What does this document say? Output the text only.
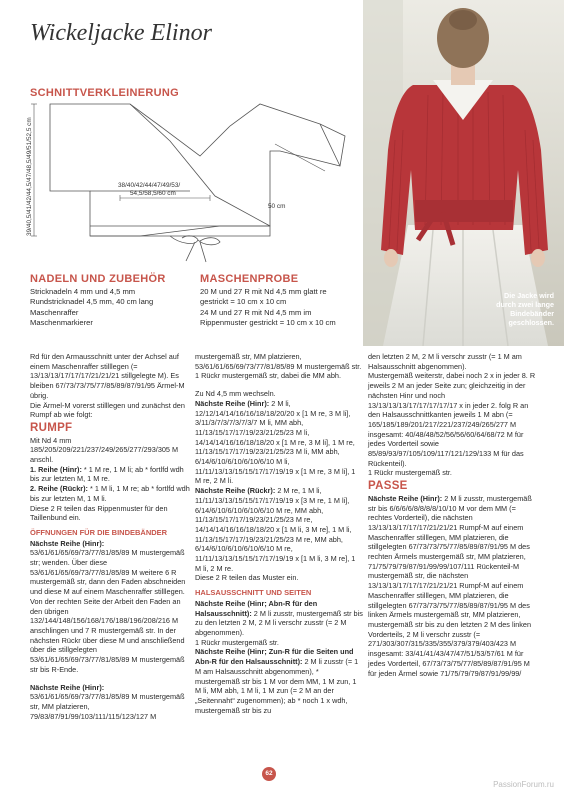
Wickeljacke Elinor
SCHNITTVERKLEINERUNG
39/40,5/41/42/44,5/47/48,5/49/51/52,5 cm	38/40/42/44/47/49/53/
54,5/58,5/60 cm
50 cm
NADELN UND ZUBEHÖR
Stricknadeln 4 mm und 4,5 mm
Rundstricknadel 4,5 mm, 40 cm lang
Maschenraffer
Maschenmarkierer
MASCHENPROBE
20 M und 27 R mit Nd 4,5 mm glatt re
gestrickt = 10 cm x 10 cm
24 M und 27 R mit Nd 4,5 mm im
Rippenmuster gestrickt = 10 cm x 10 cm
Die Jacke wird
durch zwei lange
Bindebänder
geschlossen.

Rd für den Armausschnitt unter der Achsel auf einem Maschenraffer stilllegen (= 13/13/13/17/17/17/21/21/21 stillgelegte M). Es bleiben 67/73/73/75/77/85/89/87/91/95 Ärmel-M übrig.

Die Ärmel-M vorerst stilllegen und zunächst den Rumpf ab wie folgt:

RUMPF

Mit Nd 4 mm 185/205/209/221/237/249/265/277/293/305 M anschl.

1. Reihe (Hinr): * 1 M re, 1 M li; ab * fortlfd wdh bis zur letzten M, 1 M re.

2. Reihe (Rückr): * 1 M li, 1 M re; ab * fortlfd wdh bis zur letzten M, 1 M li.

Diese 2 R teilen das Rippenmuster für den Taillenbund ein.

ÖFFNUNGEN FÜR DIE BINDEBÄNDER

Nächste Reihe (Hinr): 53/61/61/65/69/73/77/81/85/89 M mustergemäß str; wenden. Über diese 53/61/61/65/69/73/77/81/85/89 M weitere 6 R mustergemäß str, dann den Faden abschneiden und diese M auf einem Maschenraffer stilllegen.

Von der rechten Seite der Arbeit den Faden an den übrigen 132/144/148/156/168/176/188/196/208/216 M anschlingen und 7 R mustergemäß str. In der nächsten Rückr über diese M und anschließend über die stillgelegten 53/61/61/65/69/73/77/81/85/89 M mustergemäß str bis R-Ende.

Nächste Reihe (Hinr): 53/61/61/65/69/73/77/81/85/89 M mustergemäß str, MM platzieren, 79/83/87/91/99/103/111/115/123/127 M

mustergemäß str, MM platzieren, 53/61/61/65/69/73/77/81/85/89 M mustergemäß str.

1 Rückr mustergemäß str, dabei die MM abh.

Zu Nd 4,5 mm wechseln.

Nächste Reihe (Hinr): 2 M li, 12/12/14/14/16/16/18/18/20/20 x [1 M re, 3 M li], 3/11/3/7/3/7/3/7/3/7 M li, MM abh, 11/13/15/17/17/19/23/21/25/23 M li, 14/14/14/16/16/18/18/20 x [1 M re, 3 M li], 1 M re, 11/13/15/17/17/19/23/21/25/23 M li, MM abh, 6/14/6/10/6/10/6/10/6/10 M li, 11/11/13/13/15/15/17/17/19/19 x [1 M re, 3 M li], 1 M re, 2 M li.

Nächste Reihe (Rückr): 2 M re, 1 M li, 11/11/13/13/15/15/17/17/19/19 x [3 M re, 1 M li], 6/14/6/10/6/10/6/10/6/10 M re, MM abh, 11/13/15/17/17/19/23/21/25/23 M re, 14/14/14/16/16/18/18/20 x [1 M li, 3 M re], 1 M li, 11/13/15/17/17/19/23/21/25/23 M re, MM abh, 6/14/6/10/6/10/6/10/6/10 M re, 11/11/13/13/15/15/17/17/19/19 x [1 M li, 3 M re], 1 M li, 2 M re.

Diese 2 R teilen das Muster ein.

HALSAUSSCHNITT UND SEITEN

Nächste Reihe (Hinr; Abn-R für den Halsausschnitt): 2 M li zusstr, mustergemäß str bis zu den letzten 2 M, 2 M li verschr zusstr (= 2 M abgenommen).

1 Rückr mustergemäß str.

Nächste Reihe (Hinr; Zun-R für die Seiten und Abn-R für den Halsausschnitt): 2 M li zusstr (= 1 M am Halsausschnitt abgenommen), * mustergemäß str bis 1 M vor dem MM, 1 M zun, 1 M li, MM abh, 1 M li, 1 M zun (= 2 M an der „Seitennaht“ zugenommen); ab * noch 1 x wdh, mustergemäß str bis zu

den letzten 2 M, 2 M li verschr zusstr (= 1 M am Halsausschnitt abgenommen).

Mustergemäß weiterstr, dabei noch 2 x in jeder 8. R jeweils 2 M an jeder Seite zun; gleichzeitig in der nächsten Hinr und noch 13/13/13/13/17/17/17/17/17 x in jeder 2. folg R an den Halsausschnittkanten jeweils 1 M abn (= 165/185/189/201/217/221/237/249/265/277 M insgesamt: 40/48/48/52/56/56/60/64/68/72 M für jedes Vorderteil sowie 85/89/93/97/105/109/117/121/129/133 M für das Rückenteil).

1 Rückr mustergemäß str.

PASSE

Nächste Reihe (Hinr): 2 M li zusstr, mustergemäß str bis 6/6/6/6/8/8/8/8/10/10 M vor dem MM (= rechtes Vorderteil), die nächsten 13/13/13/17/17/17/21/21/21 Rumpf-M auf einem Maschenraffer stilllegen, MM platzieren, die stillgelegten 67/73/73/75/77/85/89/87/91/95 M des rechten Ärmels mustergemäß str, MM platzieren, 71/75/79/79/87/91/99/99/107/111 Rückenteil-M mustergemäß str, die nächsten 13/13/13/17/17/17/21/21/21 Rumpf-M auf einem Maschenraffer stilllegen, MM platzieren, die stillgelegten 67/73/73/75/77/85/89/87/91/95 M des linken Ärmels mustergemäß str, MM platzieren, mustergemäß str bis zu den letzten 2 M des linken Vorderteils, 2 M li verschr zusstr (= 271/303/307/315/335/355/379/379/403/423 M insgesamt: 33/41/41/43/47/47/51/53/57/61 M für jedes Vorderteil, 67/73/73/75/77/85/89/87/91/95 M für jeden Ärmel sowie 71/75/79/79/87/91/99/99/

62
PassionForum.ru
